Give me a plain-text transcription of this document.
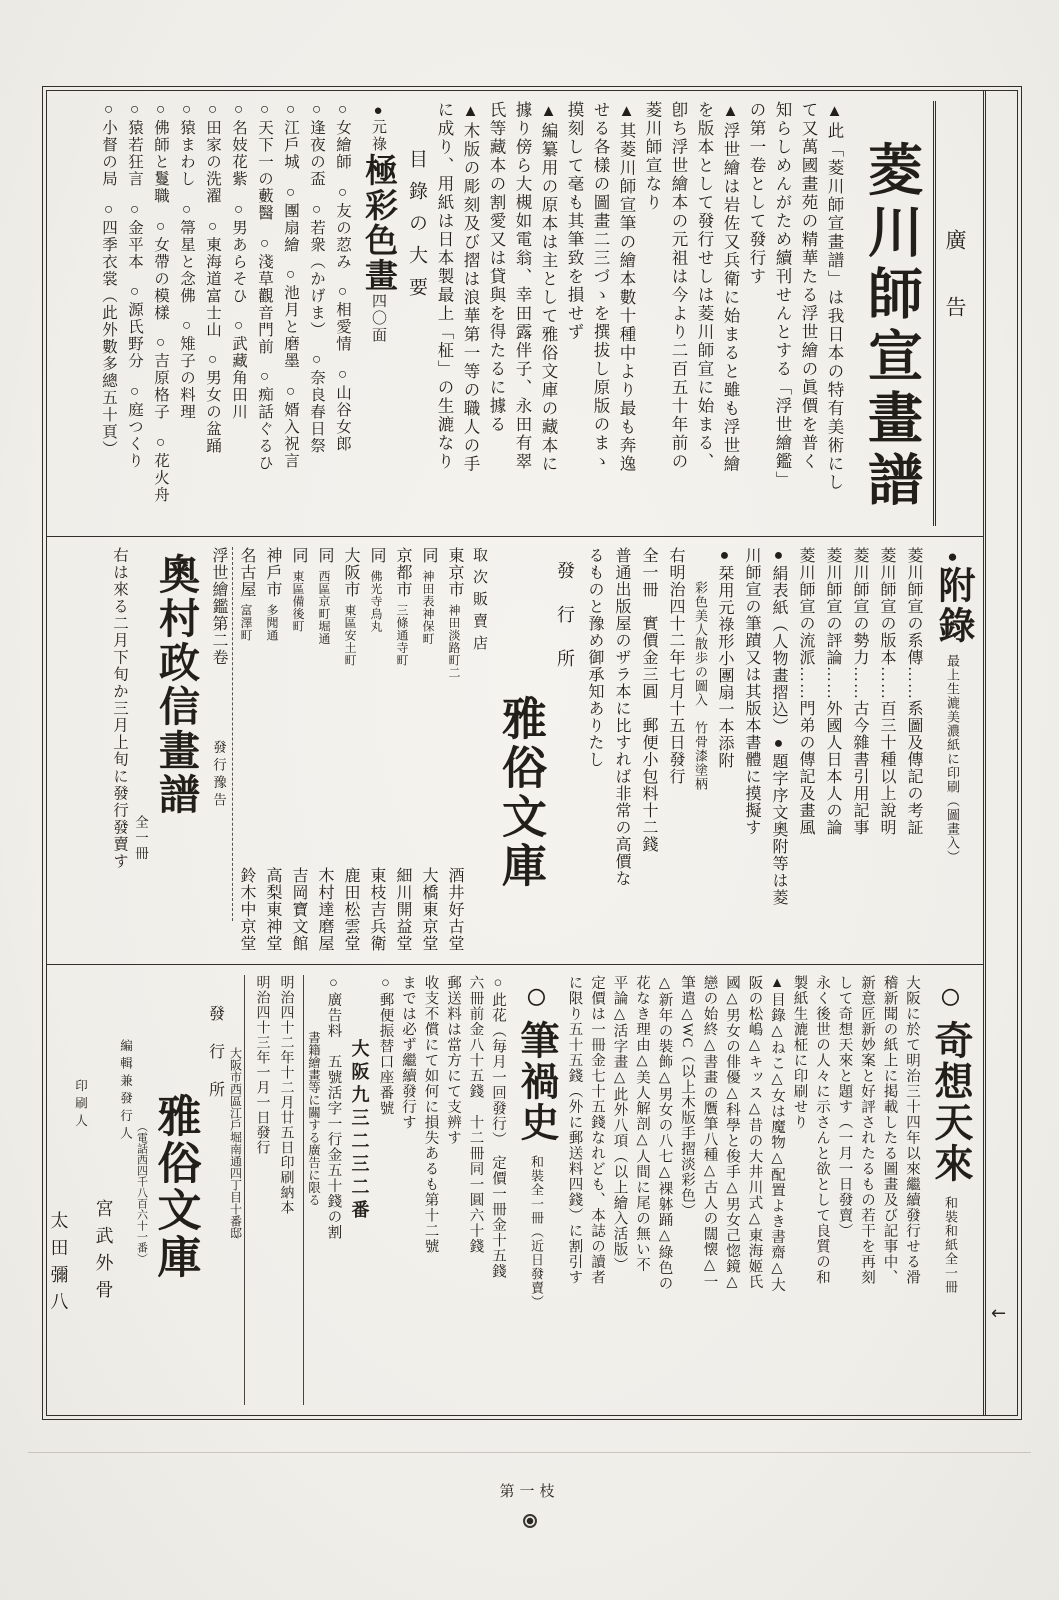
廣告

菱川師宣畫譜

▲此「菱川師宣畫譜」は我日本の特有美術にし

て又萬國畫苑の精華たる浮世繪の眞價を普く

知らしめんがため續刊せんとする「浮世繪鑑」

の第一卷として發行す

▲浮世繪は岩佐又兵衛に始まると雖も浮世繪

を版本として發行せしは菱川師宣に始まる、

卽ち浮世繪本の元祖は今より二百五十年前の

菱川師宣なり

▲其菱川師宣筆の繪本數十種中より最も奔逸

せる各樣の圖畫二三づゝを撰拔し原版のまゝ

摸刻して毫も其筆致を損せず

▲編纂用の原本は主として雅俗文庫の藏本に

據り傍ら大槻如電翁、幸田露伴子、永田有翠

氏等藏本の割愛又は貸與を得たるに據る

▲木版の彫刻及び摺は浪華第一等の職人の手

に成り、用紙は日本製最上「柾」の生漉なり

目錄の大要

●元祿極彩色畫四〇面

○女繪師○友の荵み○相愛情○山谷女郎○逢夜の盃○若衆（かげま）○奈良春日祭○江戶城○團扇繪○池月と磨墨○婿入祝言○天下一の藪醫○淺草觀音門前○痴話ぐるひ○名妓花紫○男あらそひ○武藏角田川○田家の洗濯○東海道富士山○男女の盆踊○猿まわし○箒星と念佛○雉子の料理○佛師と鬘職○女帶の模樣○吉原格子○花火舟○猿若狂言○金平本○源氏野分○庭つくり○小督の局○四季衣裳（此外數多總五十頁）

●附錄最上生漉美濃紙に印刷（圖畫入）

菱川師宣の系傳……系圖及傳記の考証

菱川師宣の版本……百三十種以上說明

菱川師宣の勢力……古今雜書引用記事

菱川師宣の評論……外國人日本人の論

菱川師宣の流派……門弟の傳記及畫風

●絹表紙（人物畫摺込）●題字序文奧附等は菱

川師宣の筆蹟又は其版本書體に摸擬す

●栞用元祿形小團扇一本添附

彩色美人散歩の圖入　竹骨漆塗柄

右明治四十二年七月十五日發行

全一冊　實價金三圓　郵便小包料十二錢

普通出版屋のザラ本に比すれば非常の高價な

るものと豫め御承知ありたし

發行所

雅俗文庫

取次販賣店

東京市神田淡路町二
酒井好古堂
同神田表神保町
大橋東京堂
京都市三條通寺町
細川開益堂
同佛光寺烏丸
東枝吉兵衛
大阪市東區安土町
鹿田松雲堂
同西區京町堀通
木村達磨屋
同東區備後町
吉岡寶文館
神戶市多聞通
高梨東神堂
名古屋富澤町
鈴木中京堂

浮世繪鑑第二卷發行豫告

奧村政信畫譜

全一冊

右は來る二月下旬か三月上旬に發行發賣す

○奇想天來和裝和紙全一冊

大阪に於て明治三十四年以來繼續發行せる滑

稽新聞の紙上に掲載したる圖畫及び記事中、

新意匠新妙案と好評されたるもの若干を再刻

して奇想天來と題す（一月一日發賣）

永く後世の人々に示さんと欲として良質の和

製紙生漉柾に印刷せり

▲目錄△ねこ△女は魔物△配置よき書齋△大

阪の松嶋△キッス△昔の大井川式△東海姬氏

國△男女の俳優△科學と俊手△男女己惚鏡△

戀の始終△書畫の贋筆八種△古人の闊懐△一

筆遣△WC（以上木版手摺淡彩色）

△新年の裝飾△男女の八七△裸躰踊△綠色の

花なき理由△美人解剖△人間に尾の無い不

平論△活字畫△此外八項（以上繪入活版）

定價は一冊金七十五錢なれども、本誌の讀者

に限り五十五錢（外に郵送料四錢）に割引す

○筆禍史和裝全一冊（近日發賣）

○此花（毎月一回發行）　定價一冊金十五錢

六冊前金八十五錢　十二冊同一圓六十錢

郵送料は當方にて支辨す

收支不償にて如何に損失あるも第十二號

までは必ず繼續發行す

○郵便振替口座番號

大阪九三二三二番

○廣告料　五號活字一行金五十錢の割

書籍繪畫等に關する廣告に限る

明治四十二年十二月廿五日印刷納本

明治四十三年一月一日發行

大阪市西區江戶堀南通四丁目十番邸

發行所

雅俗文庫

（電話西四千八百六十一番）

編輯兼發行人

宮武外骨

印刷人

太田彌八	←
第一枝
